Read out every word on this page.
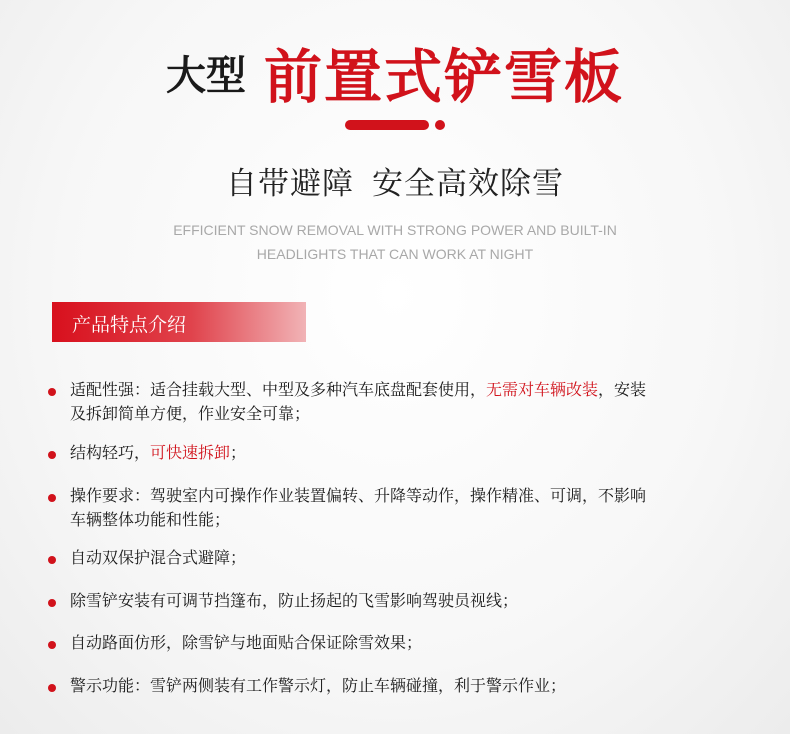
大型 前置式铲雪板
自带避障 安全高效除雪
EFFICIENT SNOW REMOVAL WITH STRONG POWER AND BUILT-IN
HEADLIGHTS THAT CAN WORK AT NIGHT
产品特点介绍
适配性强：适合挂载大型、中型及多种汽车底盘配套使用，无需对车辆改装，安装
及拆卸简单方便，作业安全可靠；
结构轻巧，可快速拆卸；
操作要求：驾驶室内可操作作业装置偏转、升降等动作，操作精准、可调，不影响
车辆整体功能和性能；
自动双保护混合式避障；
除雪铲安装有可调节挡篷布，防止扬起的飞雪影响驾驶员视线；
自动路面仿形，除雪铲与地面贴合保证除雪效果；
警示功能：雪铲两侧装有工作警示灯，防止车辆碰撞，利于警示作业；
